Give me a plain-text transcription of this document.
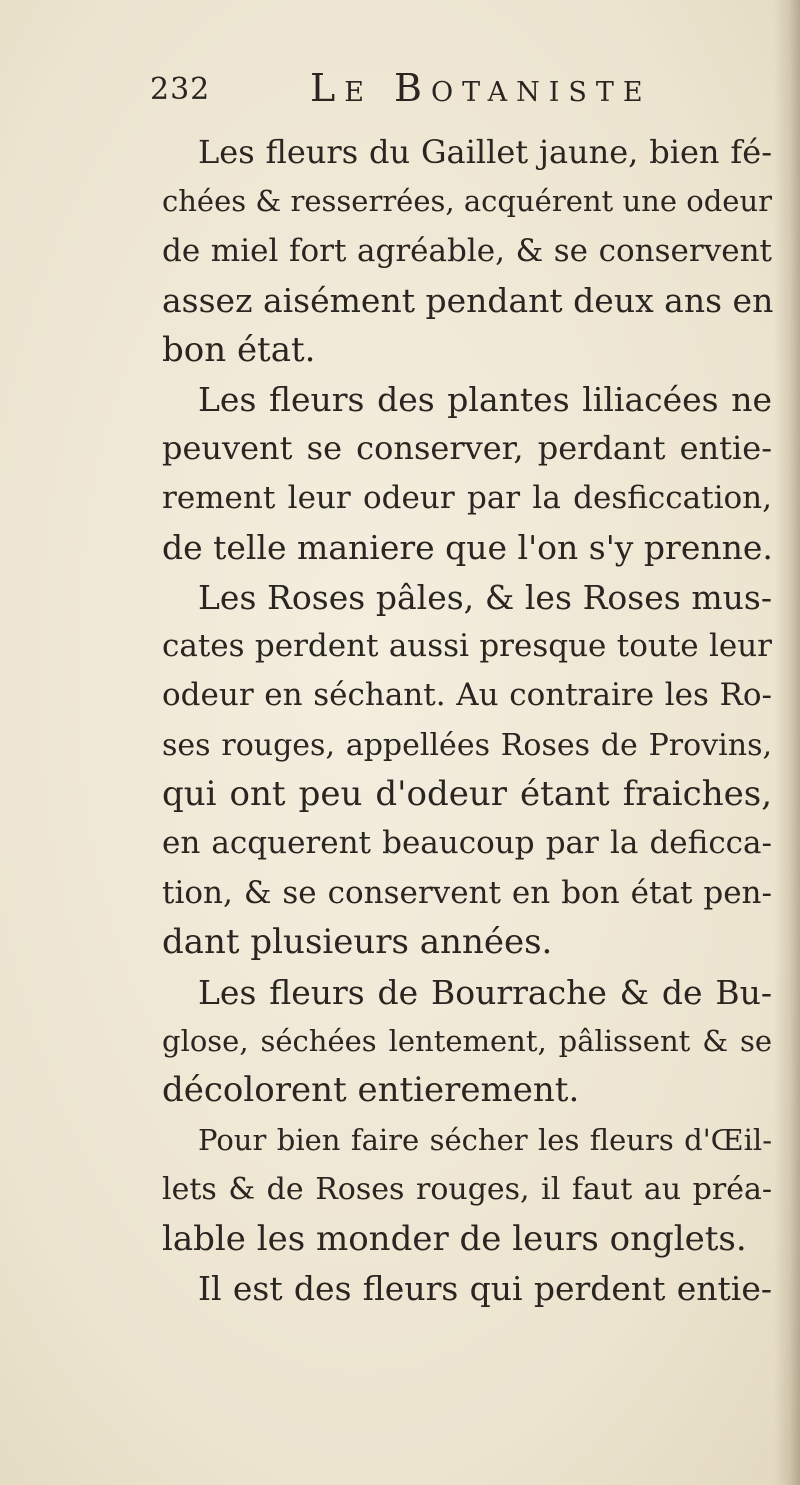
232	Le Botaniste
Les fleurs du Gaillet jaune, bien fé-
chées & resserrées, acquérent une odeur
de miel fort agréable, & se conservent
assez aisément pendant deux ans en
bon état.
Les fleurs des plantes liliacées ne
peuvent se conserver, perdant entie-
rement leur odeur par la desficcation,
de telle maniere que l'on s'y prenne.
Les Roses pâles, & les Roses mus-
cates perdent aussi presque toute leur
odeur en séchant. Au contraire les Ro-
ses rouges, appellées Roses de Provins,
qui ont peu d'odeur étant fraiches,
en acquerent beaucoup par la deficca-
tion, & se conservent en bon état pen-
dant plusieurs années.
Les fleurs de Bourrache & de Bu-
glose, séchées lentement, pâlissent & se
décolorent entierement.
Pour bien faire sécher les fleurs d'Œil-
lets & de Roses rouges, il faut au préa-
lable les monder de leurs onglets.
Il est des fleurs qui perdent entie-
